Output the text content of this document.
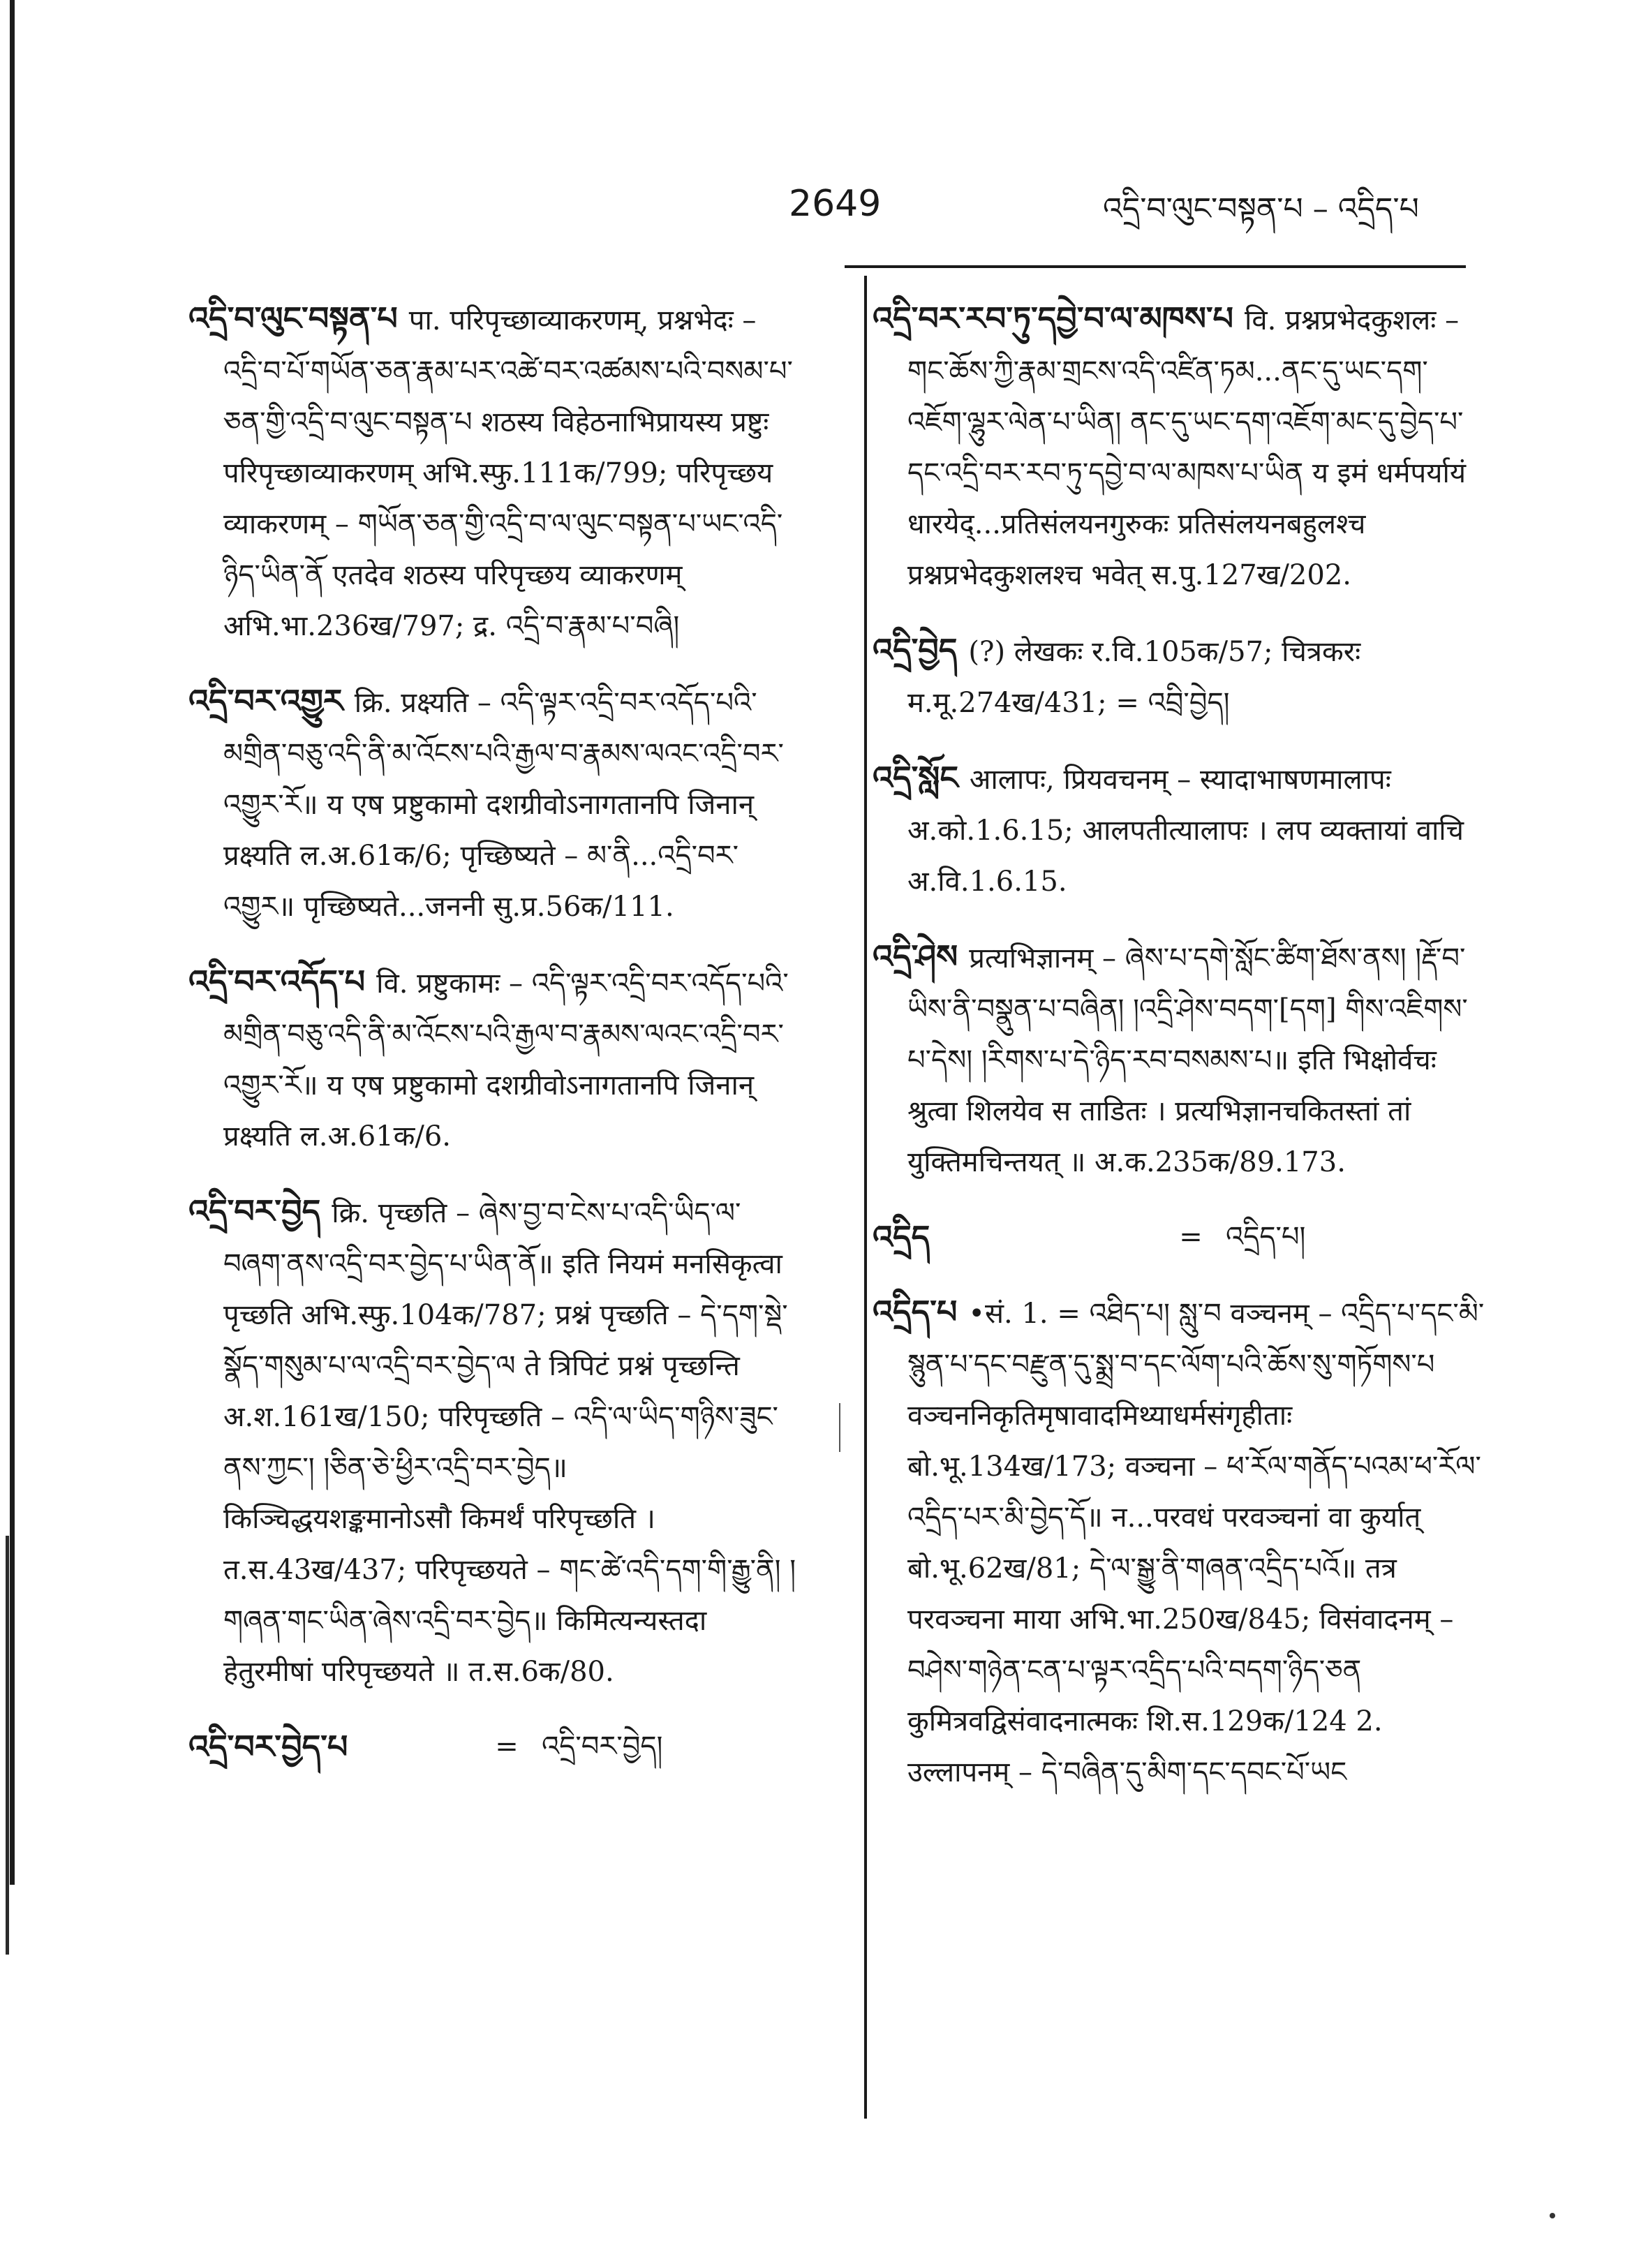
2649	འདྲི་བ་ལུང་བསྟན་པ – འདྲིད་པ

འདྲི་བ་ལུང་བསྟན་པ पा. परिपृच्छाव्याकरणम्, प्रश्नभेदः – འདྲི་བ་པོ་གཡོན་ཅན་རྣམ་པར་འཚེ་བར་འཚམས་པའི་བསམ་པ་ཅན་གྱི་འདྲི་བ་ལུང་བསྟན་པ शठस्य विहेठनाभिप्रायस्य प्रष्टुः परिपृच्छाव्याकरणम् अभि.स्फु.111क/799; परिपृच्छय व्याकरणम् – གཡོན་ཅན་གྱི་འདྲི་བ་ལ་ལུང་བསྟན་པ་ཡང་འདི་ཉིད་ཡིན་ནོ एतदेव शठस्य परिपृच्छय व्याकरणम् अभि.भा.236ख/797; द्र. འདྲི་བ་རྣམ་པ་བཞི།

འདྲི་བར་འགྱུར क्रि. प्रक्ष्यति – འདི་ལྟར་འདྲི་བར་འདོད་པའི་མགྲིན་བཅུ་འདི་ནི་མ་འོངས་པའི་རྒྱལ་བ་རྣམས་ལའང་འདྲི་བར་འགྱུར་རོ॥ य एष प्रष्टुकामो दशग्रीवोऽनागतानपि जिनान् प्रक्ष्यति ल.अ.61क/6; पृच्छिष्यते – མ་ནི...འདྲི་བར་འགྱུར॥ पृच्छिष्यते...जननी सु.प्र.56क/111.

འདྲི་བར་འདོད་པ वि. प्रष्टुकामः – འདི་ལྟར་འདྲི་བར་འདོད་པའི་མགྲིན་བཅུ་འདི་ནི་མ་འོངས་པའི་རྒྱལ་བ་རྣམས་ལའང་འདྲི་བར་འགྱུར་རོ॥ य एष प्रष्टुकामो दशग्रीवोऽनागतानपि जिनान् प्रक्ष्यति ल.अ.61क/6.

འདྲི་བར་བྱེད क्रि. पृच्छति – ཞེས་བྱ་བ་ངེས་པ་འདི་ཡིད་ལ་བཞག་ནས་འདྲི་བར་བྱེད་པ་ཡིན་ནོ॥ इति नियमं मनसिकृत्वा पृच्छति अभि.स्फु.104क/787; प्रश्नं पृच्छति – དེ་དག་སྡེ་སྣོད་གསུམ་པ་ལ་འདྲི་བར་བྱེད་ལ ते त्रिपिटं प्रश्नं पृच्छन्ति अ.श.161ख/150; परिपृच्छति – འདི་ལ་ཡིད་གཉིས་ཟུང་ནས་ཀྱང་། །ཅིན་ཅེ་ཕྱིར་འདྲི་བར་བྱེད॥ किञ्चिद्धयशङ्कमानोऽसौ किमर्थं परिपृच्छति । त.स.43ख/437; परिपृच्छयते – གང་ཚེ་འདི་དག་གི་རྒྱུ་ནི། །གཞན་གང་ཡིན་ཞེས་འདྲི་བར་བྱེད॥ किमित्यन्यस्तदा हेतुरमीषां परिपृच्छयते ॥ त.स.6क/80.

འདྲི་བར་བྱེད་པ	= འདྲི་བར་བྱེད།

འདྲི་བར་རབ་ཏུ་དབྱེ་བ་ལ་མཁས་པ वि. प्रश्नप्रभेदकुशलः – གང་ཆོས་ཀྱི་རྣམ་གྲངས་འདི་འཛིན་ཏམ...ནང་དུ་ཡང་དག་འཇོག་ལྷུར་ལེན་པ་ཡིན། ནང་དུ་ཡང་དག་འཇོག་མང་དུ་བྱེད་པ་དང་འདྲི་བར་རབ་ཏུ་དབྱེ་བ་ལ་མཁས་པ་ཡིན य इमं धर्मपर्यायं धारयेद्...प्रतिसंलयनगुरुकः प्रतिसंलयनबहुलश्च प्रश्नप्रभेदकुशलश्च भवेत् स.पु.127ख/202.

འདྲི་བྱེད (?) लेखकः र.वि.105क/57; चित्रकरः म.मू.274ख/431; = འབྲི་བྱེད།

འདྲི་སློང आलापः, प्रियवचनम् – स्यादाभाषणमालापः अ.को.1.6.15; आलपतीत्यालापः । लप व्यक्तायां वाचि अ.वि.1.6.15.

འདྲི་ཤེས प्रत्यभिज्ञानम् – ཞེས་པ་དགེ་སློང་ཚིག་ཐོས་ནས། །རྡོ་བ་ཡིས་ནི་བསྣུན་པ་བཞིན། །འདྲི་ཤེས་བདག་[དག] གིས་འཇིགས་པ་དེས། །རིགས་པ་དེ་ཉིད་རབ་བསམས་པ॥ इति भिक्षोर्वचः श्रुत्वा शिलयेव स ताडितः । प्रत्यभिज्ञानचकितस्तां तां युक्तिमचिन्तयत् ॥ अ.क.235क/89.173.

འདྲིད	= འདྲིད་པ།

འདྲིད་པ •सं. 1. = འཐིད་པ། སླུ་བ वञ्चनम् – འདྲིད་པ་དང་མི་སྙུན་པ་དང་བརྫུན་དུ་སྨྲ་བ་དང་ལོག་པའི་ཆོས་སུ་གཏོགས་པ वञ्चननिकृतिमृषावादमिथ्याधर्मसंगृहीताः बो.भू.134ख/173; वञ्चना – ཕ་རོལ་གནོད་པའམ་ཕ་རོལ་འདྲིད་པར་མི་བྱེད་དོ॥ न...परवधं परवञ्चनां वा कुर्यात् बो.भू.62ख/81; དེ་ལ་སྒྱུ་ནི་གཞན་འདྲིད་པའོ॥ तत्र परवञ्चना माया अभि.भा.250ख/845; विसंवादनम् – བཤེས་གཉེན་ངན་པ་ལྟར་འདྲིད་པའི་བདག་ཉིད་ཅན कुमित्रवद्विसंवादनात्मकः शि.स.129क/124 2. उल्लापनम् – དེ་བཞིན་དུ་མིག་དང་དབང་པོ་ཡང
